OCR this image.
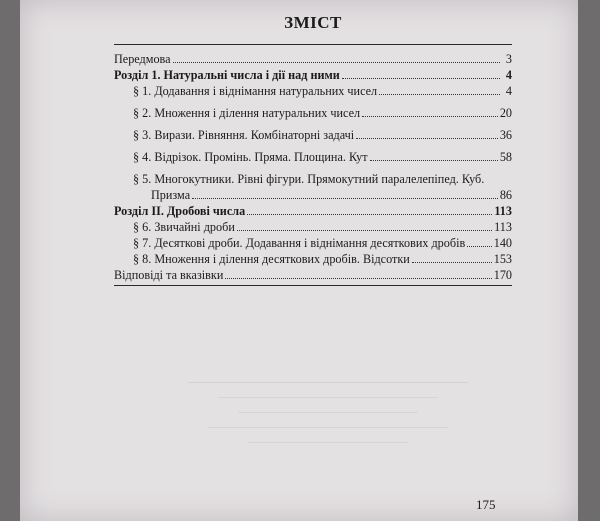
ЗМІСТ
Передмова	3
Розділ 1. Натуральні числа і дії над ними	4
§ 1. Додавання і віднімання натуральних чисел	4
§ 2. Множення і ділення натуральних чисел	20
§ 3. Вирази. Рівняння. Комбінаторні задачі	36
§ 4. Відрізок. Промінь. Пряма. Площина. Кут	58
§ 5. Многокутники. Рівні фігури. Прямокутний паралелепіпед. Куб.
Призма	86
Розділ ІІ. Дробові числа	113
§ 6. Звичайні дроби	113
§ 7. Десяткові дроби. Додавання і віднімання десяткових дробів 140
§ 8. Множення і ділення десяткових дробів. Відсотки	153
Відповіді та вказівки	170
175
